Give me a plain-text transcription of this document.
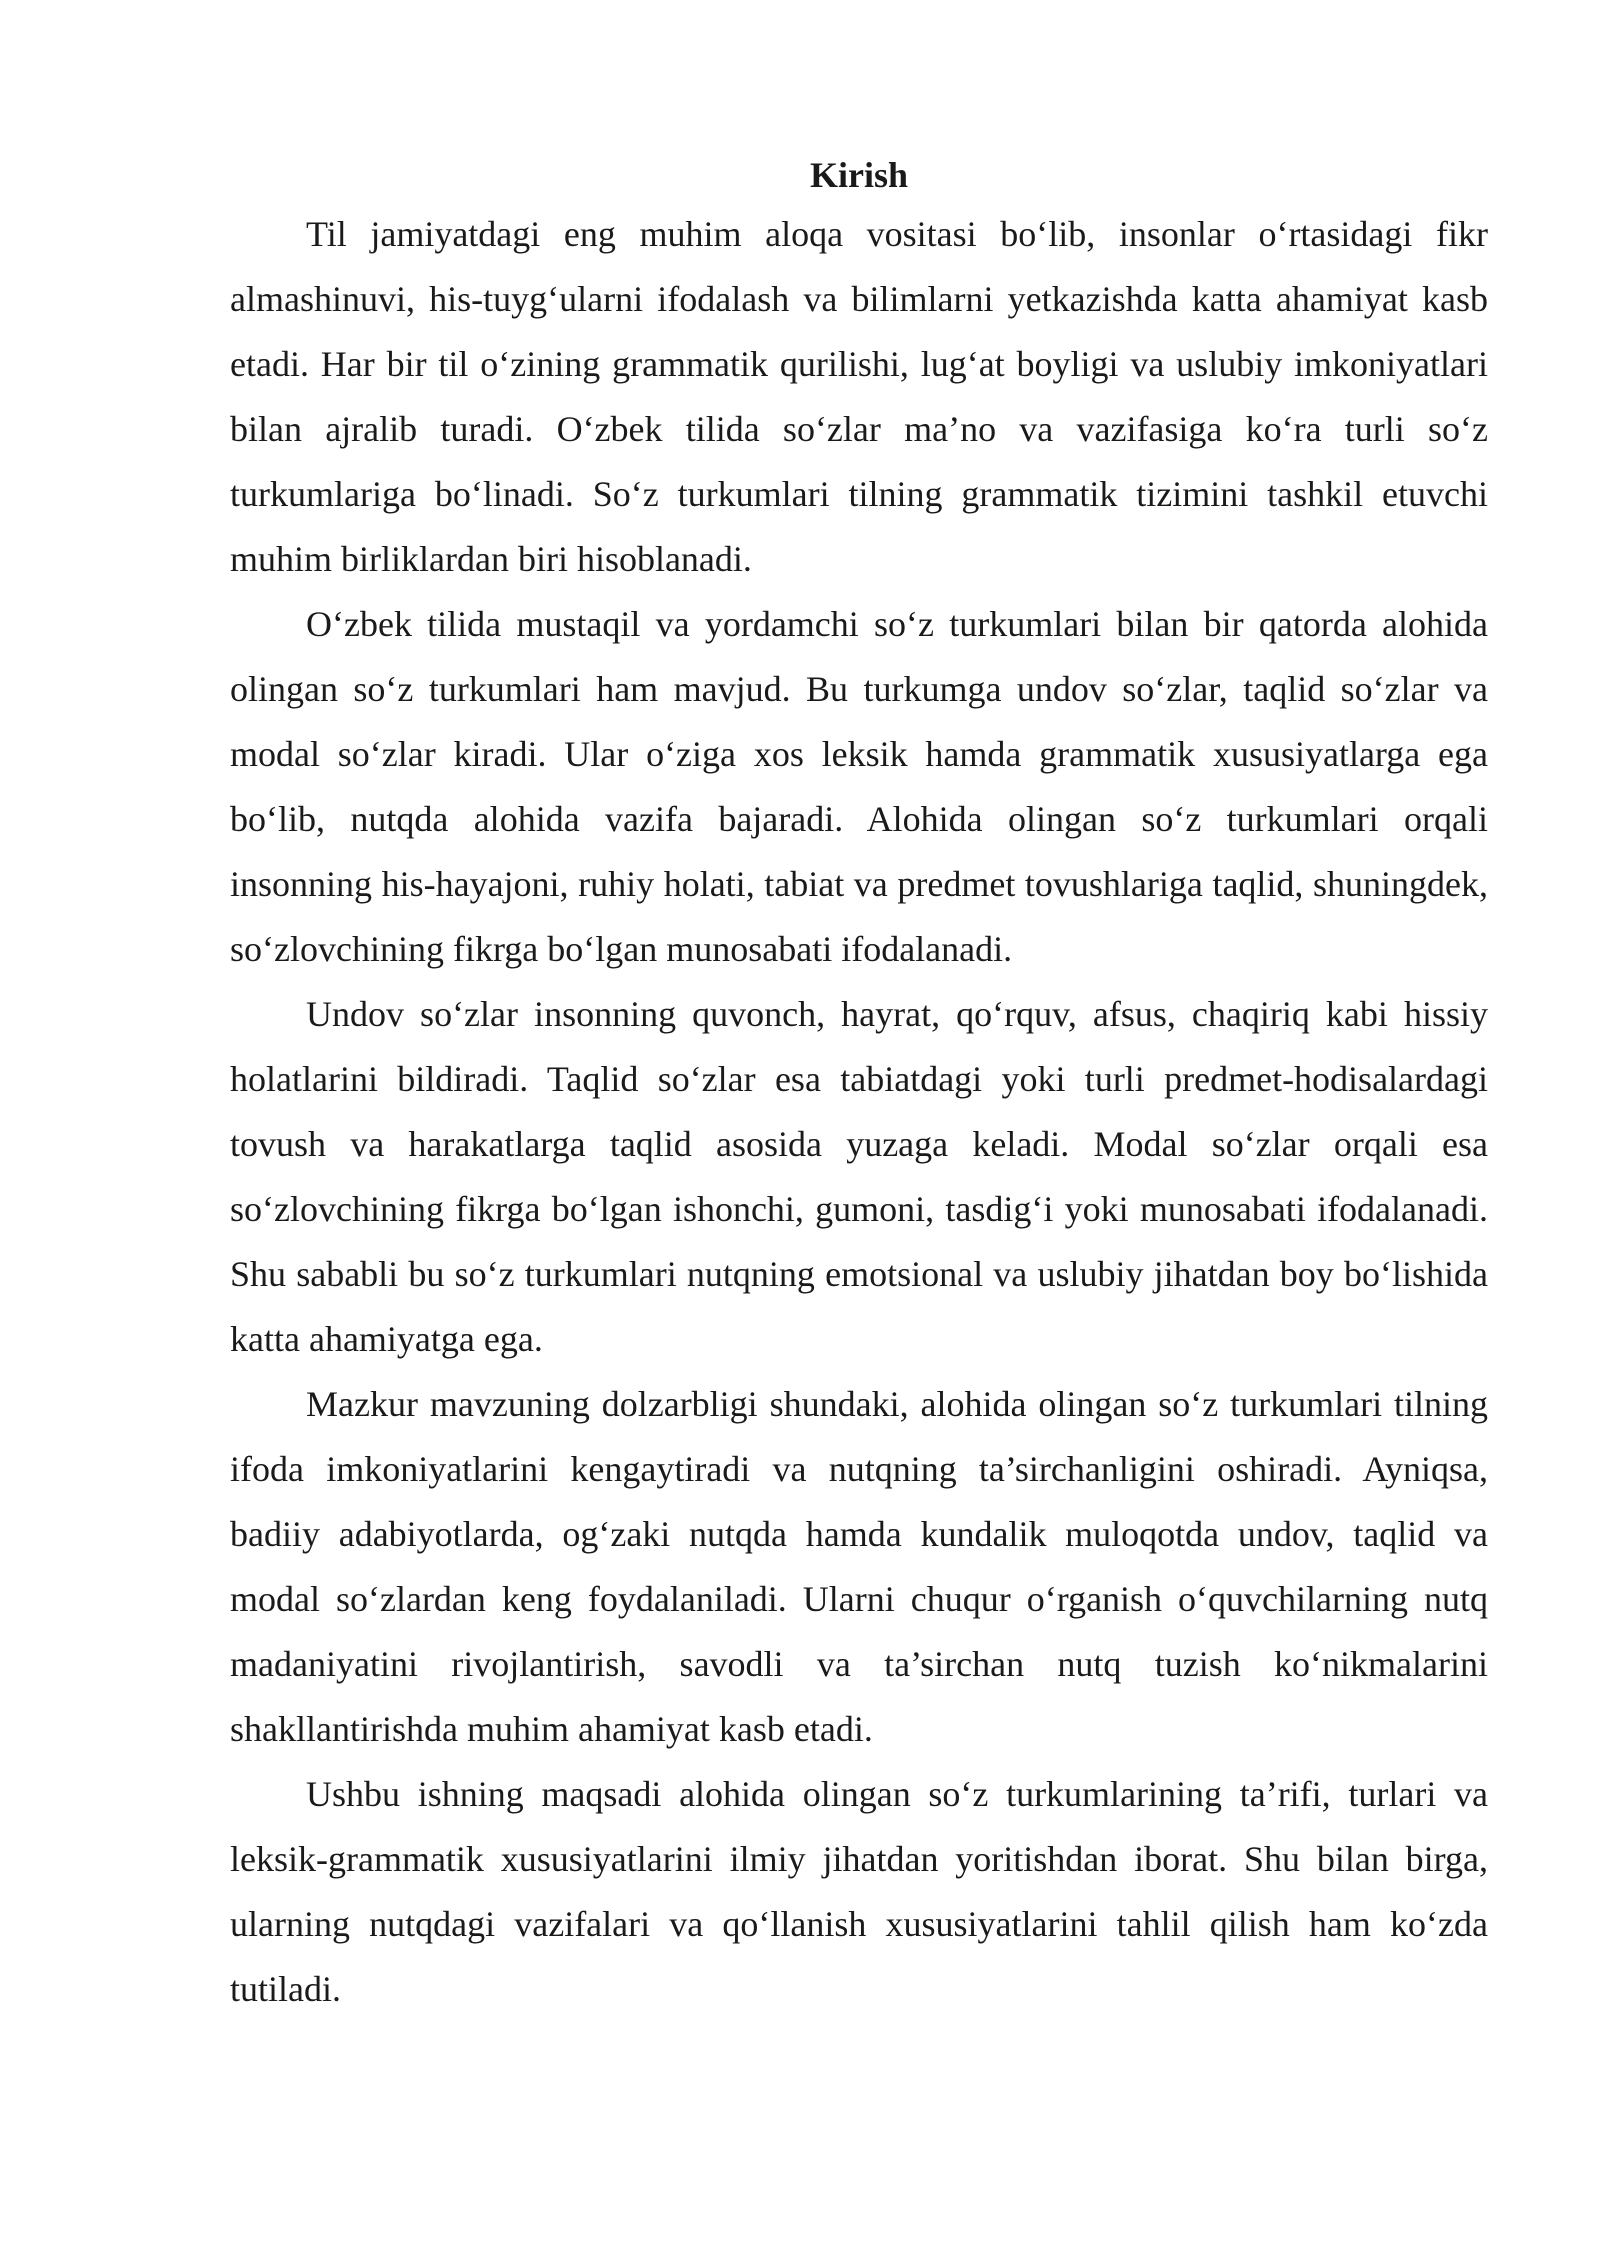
Kirish

Til jamiyatdagi eng muhim aloqa vositasi bo‘lib, insonlar o‘rtasidagi fikr almashinuvi, his-tuyg‘ularni ifodalash va bilimlarni yetkazishda katta ahamiyat kasb etadi. Har bir til o‘zining grammatik qurilishi, lug‘at boyligi va uslubiy imkoniyatlari bilan ajralib turadi. O‘zbek tilida so‘zlar ma’no va vazifasiga ko‘ra turli so‘z turkumlariga bo‘linadi. So‘z turkumlari tilning grammatik tizimini tashkil etuvchi muhim birliklardan biri hisoblanadi.

O‘zbek tilida mustaqil va yordamchi so‘z turkumlari bilan bir qatorda alohida olingan so‘z turkumlari ham mavjud. Bu turkumga undov so‘zlar, taqlid so‘zlar va modal so‘zlar kiradi. Ular o‘ziga xos leksik hamda grammatik xususiyatlarga ega bo‘lib, nutqda alohida vazifa bajaradi. Alohida olingan so‘z turkumlari orqali insonning his-hayajoni, ruhiy holati, tabiat va predmet tovushlariga taqlid, shuningdek, so‘zlovchining fikrga bo‘lgan munosabati ifodalanadi.

Undov so‘zlar insonning quvonch, hayrat, qo‘rquv, afsus, chaqiriq kabi hissiy holatlarini bildiradi. Taqlid so‘zlar esa tabiatdagi yoki turli predmet-hodisalardagi tovush va harakatlarga taqlid asosida yuzaga keladi. Modal so‘zlar orqali esa so‘zlovchining fikrga bo‘lgan ishonchi, gumoni, tasdig‘i yoki munosabati ifodalanadi. Shu sababli bu so‘z turkumlari nutqning emotsional va uslubiy jihatdan boy bo‘lishida katta ahamiyatga ega.

Mazkur mavzuning dolzarbligi shundaki, alohida olingan so‘z turkumlari tilning ifoda imkoniyatlarini kengaytiradi va nutqning ta’sirchanligini oshiradi. Ayniqsa, badiiy adabiyotlarda, og‘zaki nutqda hamda kundalik muloqotda undov, taqlid va modal so‘zlardan keng foydalaniladi. Ularni chuqur o‘rganish o‘quvchilarning nutq madaniyatini rivojlantirish, savodli va ta’sirchan nutq tuzish ko‘nikmalarini shakllantirishda muhim ahamiyat kasb etadi.

Ushbu ishning maqsadi alohida olingan so‘z turkumlarining ta’rifi, turlari va leksik-grammatik xususiyatlarini ilmiy jihatdan yoritishdan iborat. Shu bilan birga, ularning nutqdagi vazifalari va qo‘llanish xususiyatlarini tahlil qilish ham ko‘zda tutiladi.
